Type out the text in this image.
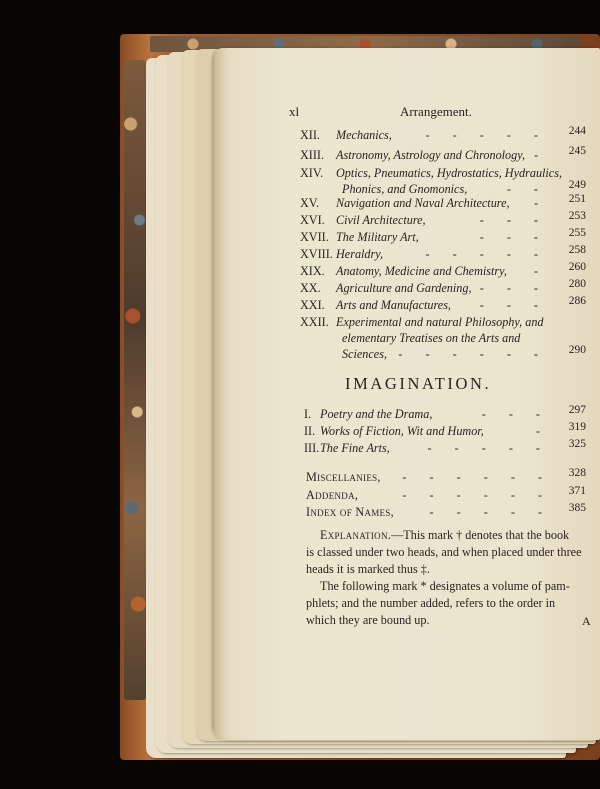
xl	Arrangement.
XII. Mechanics,	- - - - - 244
XIII. Astronomy, Astrology and Chronology, - 245
XIV. Optics, Pneumatics, Hydrostatics, Hydraulics,
Phonics, and Gnomonics,	- - 249
XV. Navigation and Naval Architecture, - 251
XVI. Civil Architecture,	- - - 253
XVII. The Military Art,	- - - 255
XVIII. Heraldry,	- - - - - 258
XIX. Anatomy, Medicine and Chemistry, - 260
XX. Agriculture and Gardening, - - - 280
XXI. Arts and Manufactures, - - - 286
XXII. Experimental and natural Philosophy, and
elementary Treatises on the Arts and
Sciences, - - - - - - 290
IMAGINATION.
I. Poetry and the Drama,	- - - 297
II. Works of Fiction, Wit and Humor,	- 319
III. The Fine Arts,	- - - - - 325
Miscellanies, - - - - - - 328
Addenda,	- - - - - - 371
Index of Names,	- - - - - 385
Explanation.—This mark † denotes that the book
is classed under two heads, and when placed under three
heads it is marked thus ‡.
The following mark * designates a volume of pam-
phlets; and the number added, refers to the order in
which they are bound up.	A
